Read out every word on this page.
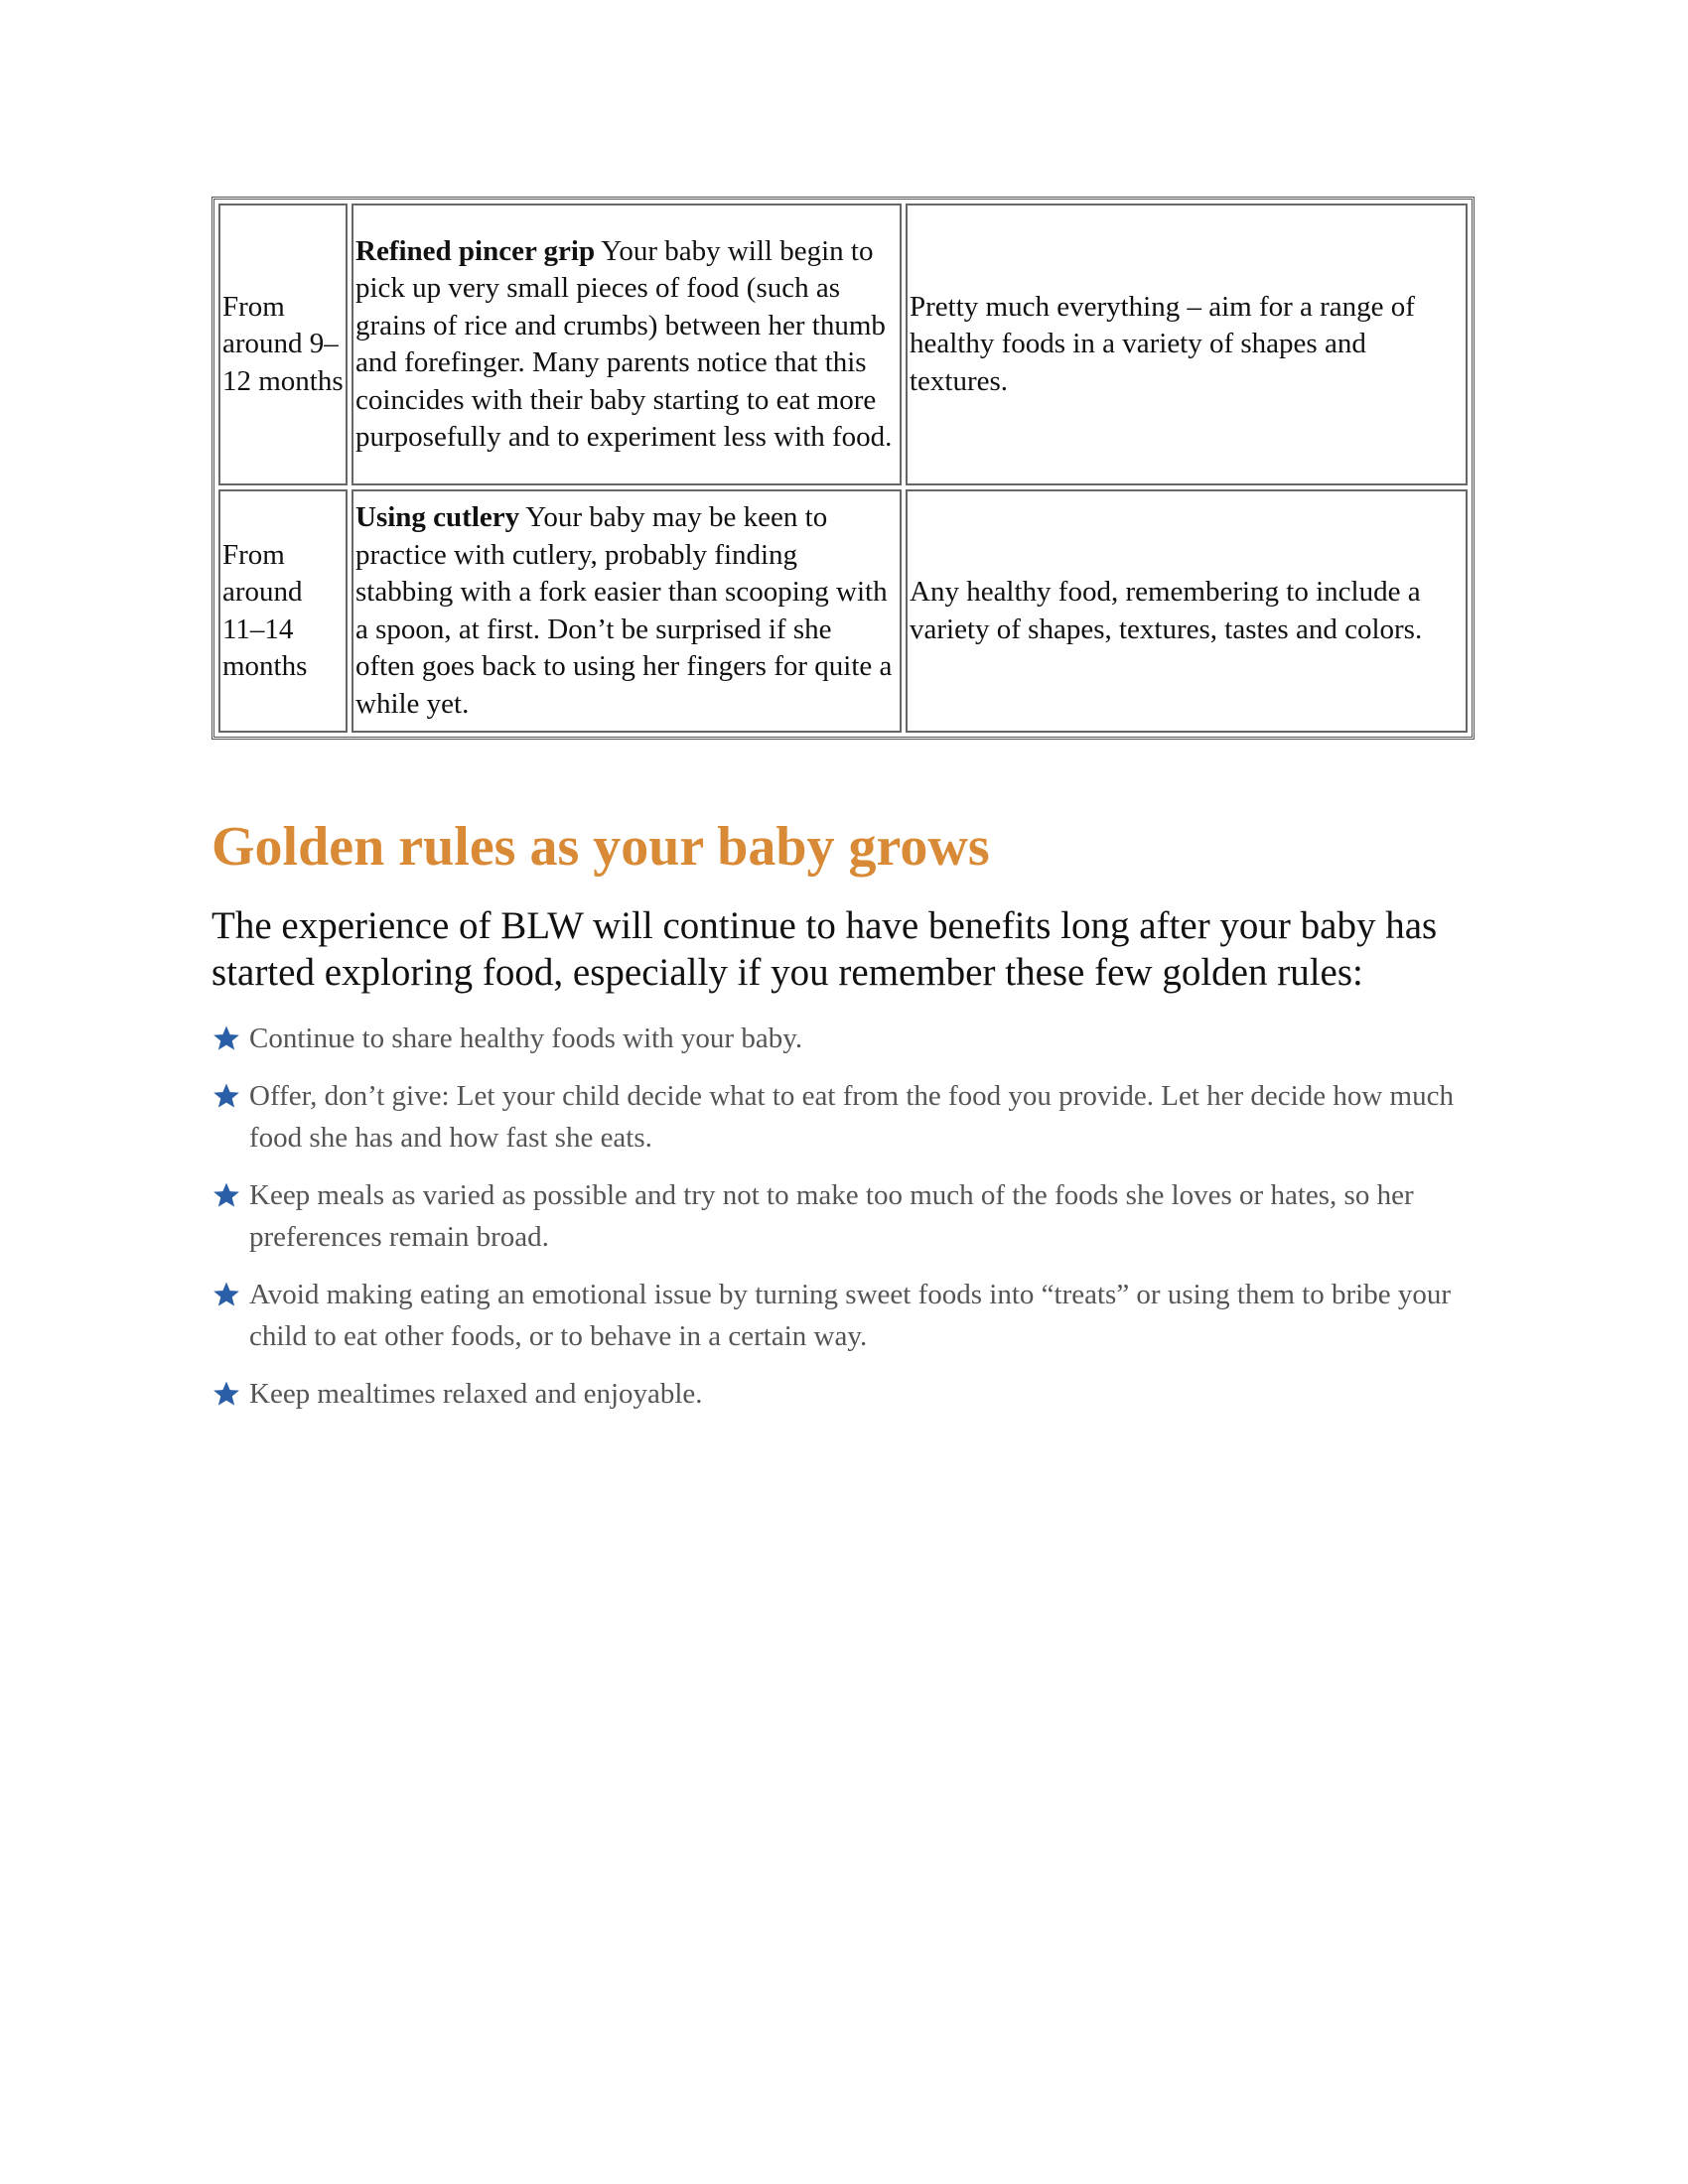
From around 9–12 months	Refined pincer grip Your baby will begin to pick up very small pieces of food (such as grains of rice and crumbs) between her thumb and forefinger. Many parents notice that this coincides with their baby starting to eat more purposefully and to experiment less with food.	Pretty much everything – aim for a range of healthy foods in a variety of shapes and textures.
From around 11–14 months	Using cutlery Your baby may be keen to practice with cutlery, probably finding stabbing with a fork easier than scooping with a spoon, at first. Don’t be surprised if she often goes back to using her fingers for quite a while yet.	Any healthy food, remembering to include a variety of shapes, textures, tastes and colors.
Golden rules as your baby grows

The experience of BLW will continue to have benefits long after your baby has started exploring food, especially if you remember these few golden rules:

Continue to share healthy foods with your baby.
Offer, don’t give: Let your child decide what to eat from the food you provide. Let her decide how much food she has and how fast she eats.
Keep meals as varied as possible and try not to make too much of the foods she loves or hates, so her preferences remain broad.
Avoid making eating an emotional issue by turning sweet foods into “treats” or using them to bribe your child to eat other foods, or to behave in a certain way.
Keep mealtimes relaxed and enjoyable.
